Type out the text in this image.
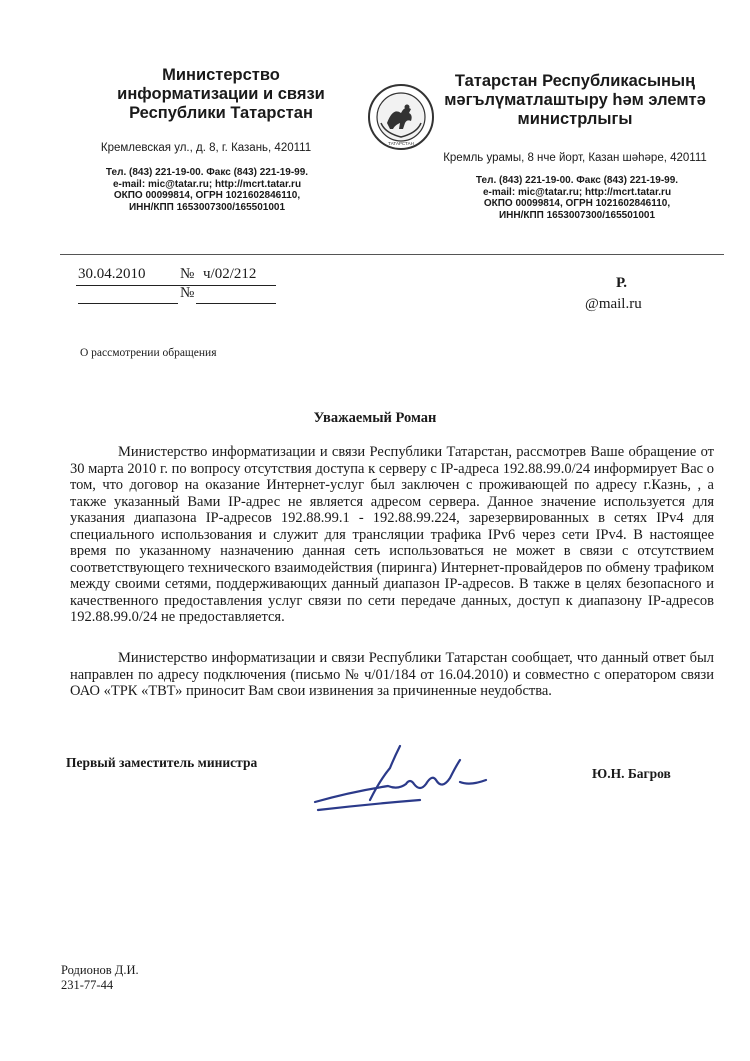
Министерство
информатизации и связи
Республики Татарстан
Кремлевская ул., д. 8, г. Казань, 420111
Тел. (843) 221-19-00. Факс (843) 221-19-99.
e-mail: mic@tatar.ru; http://mcrt.tatar.ru
ОКПО 00099814, ОГРН 1021602846110,
ИНН/КПП 1653007300/165501001
ТАТАРСТАН
Татарстан Республикасының
мәгълүматлаштыру һәм элемтә
министрлыгы
Кремль урамы, 8 нче йорт, Казан шәһәре, 420111
Тел. (843) 221-19-00. Факс (843) 221-19-99.
e-mail: mic@tatar.ru; http://mcrt.tatar.ru
ОКПО 00099814, ОГРН 1021602846110,
ИНН/КПП 1653007300/165501001
30.04.2010 № ч/02/212
№
Р.
@mail.ru
О рассмотрении обращения
Уважаемый Роман

Министерство информатизации и связи Республики Татарстан, рассмотрев Ваше обращение от 30 марта 2010 г. по вопросу отсутствия доступа к серверу с IP-адреса 192.88.99.0/24 информирует Вас о том, что договор на оказание Интернет-услуг был заключен с проживающей по адресу г.Казнь, , а также указанный Вами IP-адрес не является адресом сервера. Данное значение используется для указания диапазона IP-адресов 192.88.99.1 - 192.88.99.224, зарезервированных в сетях IPv4 для специального использования и служит для трансляции трафика IPv6 через сети IPv4. В настоящее время по указанному назначению данная сеть использоваться не может в связи с отсутствием соответствующего технического взаимодействия (пиринга) Интернет-провайдеров по обмену трафиком между своими сетями, поддерживающих данный диапазон IP-адресов. В также в целях безопасного и качественного предоставления услуг связи по сети передаче данных, доступ к диапазону IP-адресов 192.88.99.0/24 не предоставляется.

Министерство информатизации и связи Республики Татарстан сообщает, что данный ответ был направлен по адресу подключения (письмо № ч/01/184 от 16.04.2010) и совместно с оператором связи ОАО «ТРК «ТВТ» приносит Вам свои извинения за причиненные неудобства.

Первый заместитель министра
Ю.Н. Багров
Родионов Д.И.
231-77-44
